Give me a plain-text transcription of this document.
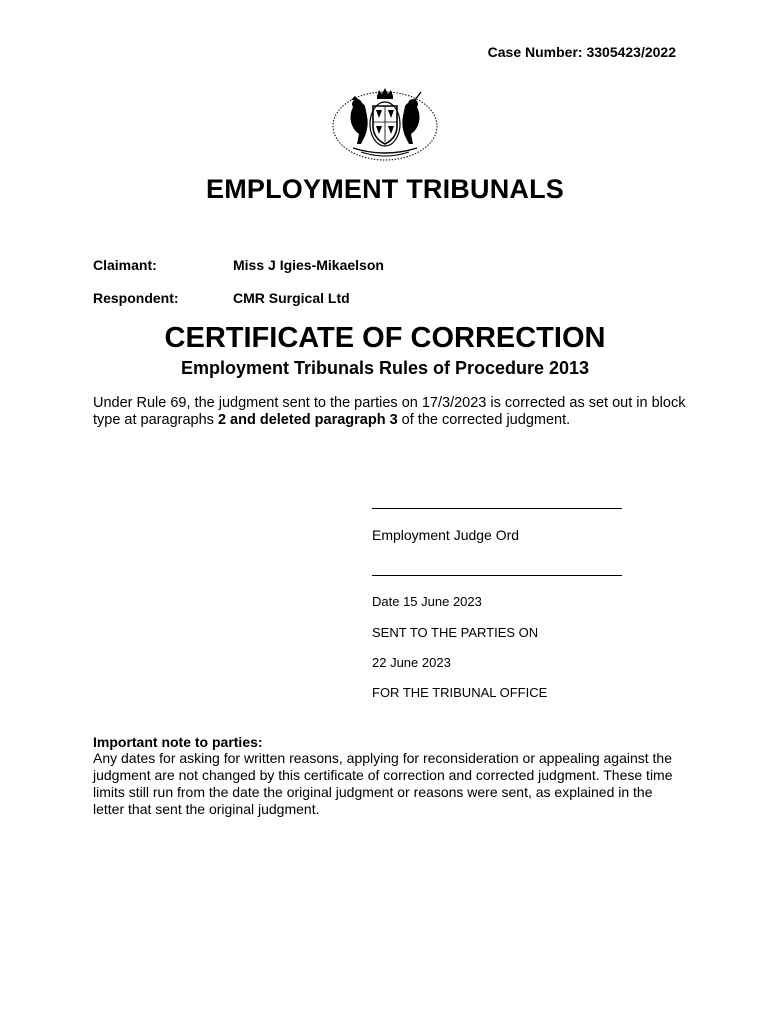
Case Number: 3305423/2022
EMPLOYMENT TRIBUNALS
Claimant:	Miss J Igies-Mikaelson
Respondent:	CMR Surgical Ltd
CERTIFICATE OF CORRECTION
Employment Tribunals Rules of Procedure 2013
Under Rule 69, the judgment sent to the parties on 17/3/2023 is corrected as set out in block type at paragraphs 2 and deleted paragraph 3 of the corrected judgment.
Employment Judge Ord
Date 15 June 2023
SENT TO THE PARTIES ON
22 June 2023
FOR THE TRIBUNAL OFFICE
Important note to parties:
Any dates for asking for written reasons, applying for reconsideration or appealing against the judgment are not changed by this certificate of correction and corrected judgment. These time limits still run from the date the original judgment or reasons were sent, as explained in the letter that sent the original judgment.
